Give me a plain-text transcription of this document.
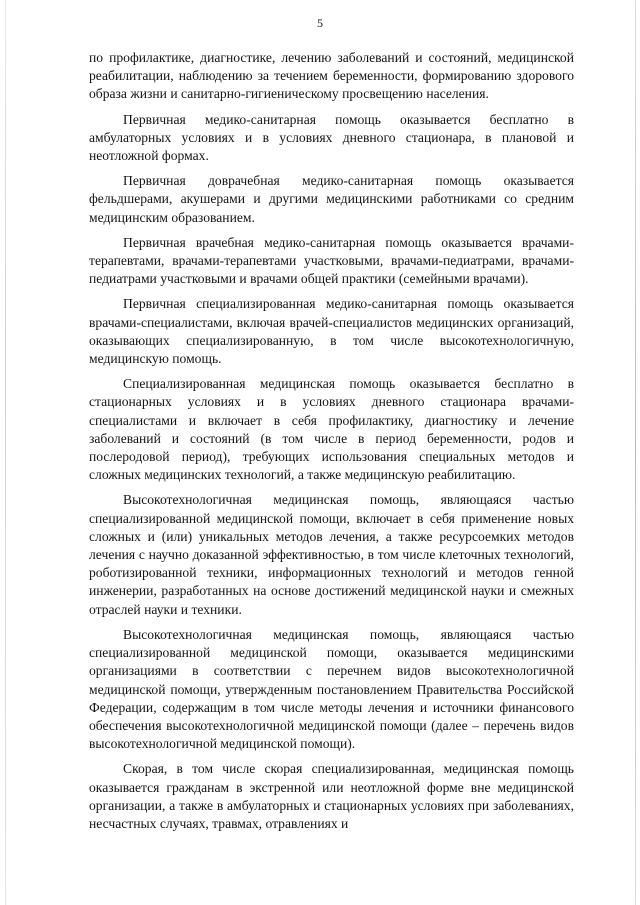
5

по профилактике, диагностике, лечению заболеваний и состояний, медицинской реабилитации, наблюдению за течением беременности, формированию здорового образа жизни и санитарно-гигиеническому просвещению населения.

Первичная медико-санитарная помощь оказывается бесплатно в амбулаторных условиях и в условиях дневного стационара, в плановой и неотложной формах.

Первичная доврачебная медико-санитарная помощь оказывается фельдшерами, акушерами и другими медицинскими работниками со средним медицинским образованием.

Первичная врачебная медико-санитарная помощь оказывается врачами-терапевтами, врачами-терапевтами участковыми, врачами-педиатрами, врачами-педиатрами участковыми и врачами общей практики (семейными врачами).

Первичная специализированная медико-санитарная помощь оказывается врачами-специалистами, включая врачей-специалистов медицинских организаций, оказывающих специализированную, в том числе высокотехнологичную, медицинскую помощь.

Специализированная медицинская помощь оказывается бесплатно в стационарных условиях и в условиях дневного стационара врачами-специалистами и включает в себя профилактику, диагностику и лечение заболеваний и состояний (в том числе в период беременности, родов и послеродовой период), требующих использования специальных методов и сложных медицинских технологий, а также медицинскую реабилитацию.

Высокотехнологичная медицинская помощь, являющаяся частью специализированной медицинской помощи, включает в себя применение новых сложных и (или) уникальных методов лечения, а также ресурсоемких методов лечения с научно доказанной эффективностью, в том числе клеточных технологий, роботизированной техники, информационных технологий и методов генной инженерии, разработанных на основе достижений медицинской науки и смежных отраслей науки и техники.

Высокотехнологичная медицинская помощь, являющаяся частью специализированной медицинской помощи, оказывается медицинскими организациями в соответствии с перечнем видов высокотехнологичной медицинской помощи, утвержденным постановлением Правительства Российской Федерации, содержащим в том числе методы лечения и источники финансового обеспечения высокотехнологичной медицинской помощи (далее – перечень видов высокотехнологичной медицинской помощи).

Скорая, в том числе скорая специализированная, медицинская помощь оказывается гражданам в экстренной или неотложной форме вне медицинской организации, а также в амбулаторных и стационарных условиях при заболеваниях, несчастных случаях, травмах, отравлениях и
